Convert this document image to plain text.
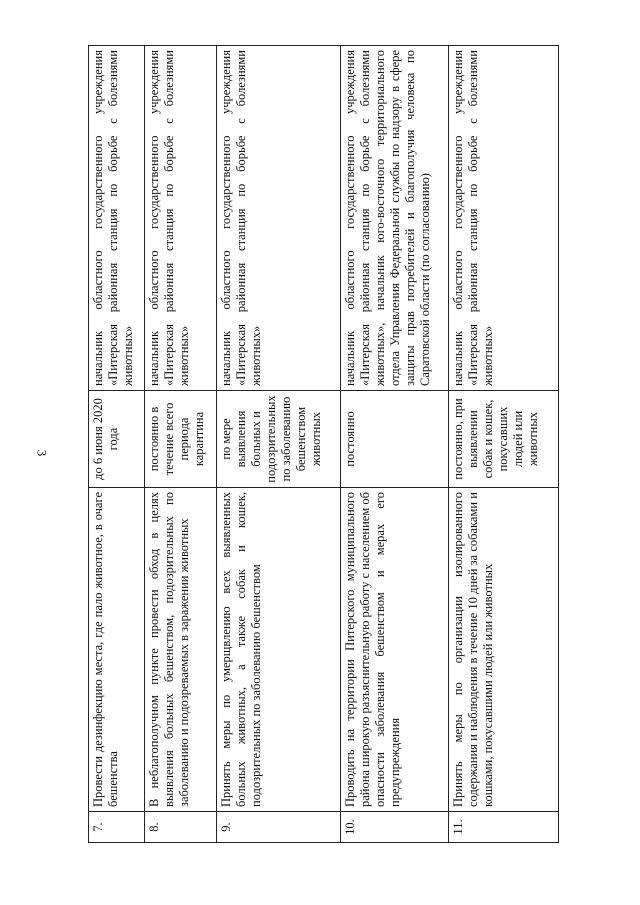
3
7.	Провести дезинфекцию места, где пало животное, в очаге бешенства	до 6 июня 2020 года	начальник областного государственного учреждения «Питерская районная станция по борьбе с болезнями животных»
8.	В неблагополучном пункте провести обход в целях выявления больных бешенством, подозрительных по заболеванию и подозреваемых в заражении животных	постоянно в течение всего периода карантина	начальник областного государственного учреждения «Питерская районная станция по борьбе с болезнями животных»
9.	Принять меры по умерщвлению всех выявленных больных животных, а также собак и кошек, подозрительных по заболеванию бешенством	по мере выявления больных и подозрительных по заболеванию бешенством животных	начальник областного государственного учреждения «Питерская районная станция по борьбе с болезнями животных»
10.	Проводить на территории Питерского муниципального района широкую разъяснительную работу с населением об опасности заболевания бешенством и мерах его предупреждения	постоянно	начальник областного государственного учреждения «Питерская районная станция по борьбе с болезнями животных», начальник юго-восточного территориального отдела Управления Федеральной службы по надзору в сфере защиты прав потребителей и благополучия человека по Саратовской области (по согласованию)
11.	Принять меры по организации изолированного содержания и наблюдения в течение 10 дней за собаками и кошками, покусавшими людей или животных	постоянно, при выявлении собак и кошек, покусавших людей или животных	начальник областного государственного учреждения «Питерская районная станция по борьбе с болезнями животных»
